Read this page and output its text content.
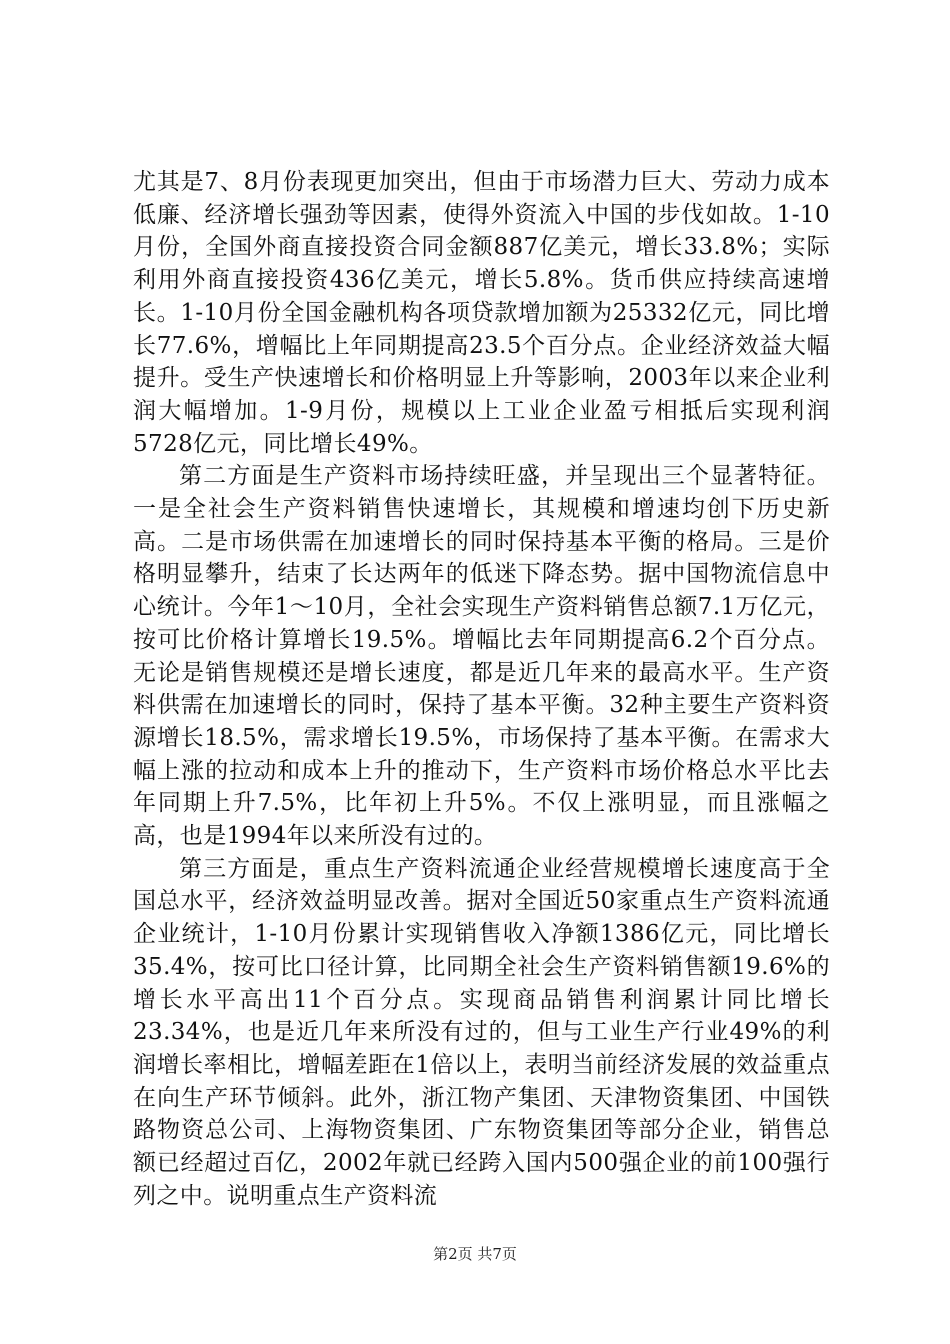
尤其是7、8月份表现更加突出，但由于市场潜力巨大、劳动力成本低廉、经济增长强劲等因素，使得外资流入中国的步伐如故。1-10月份，全国外商直接投资合同金额887亿美元，增长33.8%；实际利用外商直接投资436亿美元，增长5.8%。货币供应持续高速增长。1-10月份全国金融机构各项贷款增加额为25332亿元，同比增长77.6%，增幅比上年同期提高23.5个百分点。企业经济效益大幅提升。受生产快速增长和价格明显上升等影响，2003年以来企业利润大幅增加。1-9月份，规模以上工业企业盈亏相抵后实现利润5728亿元，同比增长49%。

第二方面是生产资料市场持续旺盛，并呈现出三个显著特征。一是全社会生产资料销售快速增长，其规模和增速均创下历史新高。二是市场供需在加速增长的同时保持基本平衡的格局。三是价格明显攀升，结束了长达两年的低迷下降态势。据中国物流信息中心统计。今年1～10月，全社会实现生产资料销售总额7.1万亿元，按可比价格计算增长19.5%。增幅比去年同期提高6.2个百分点。无论是销售规模还是增长速度，都是近几年来的最高水平。生产资料供需在加速增长的同时，保持了基本平衡。32种主要生产资料资源增长18.5%，需求增长19.5%，市场保持了基本平衡。在需求大幅上涨的拉动和成本上升的推动下，生产资料市场价格总水平比去年同期上升7.5%，比年初上升5%。不仅上涨明显，而且涨幅之高，也是1994年以来所没有过的。

第三方面是，重点生产资料流通企业经营规模增长速度高于全国总水平，经济效益明显改善。据对全国近50家重点生产资料流通企业统计，1-10月份累计实现销售收入净额1386亿元，同比增长35.4%，按可比口径计算，比同期全社会生产资料销售额19.6%的增长水平高出11个百分点。实现商品销售利润累计同比增长23.34%，也是近几年来所没有过的，但与工业生产行业49%的利润增长率相比，增幅差距在1倍以上，表明当前经济发展的效益重点在向生产环节倾斜。此外，浙江物产集团、天津物资集团、中国铁路物资总公司、上海物资集团、广东物资集团等部分企业，销售总额已经超过百亿，2002年就已经跨入国内500强企业的前100强行列之中。说明重点生产资料流

第2页 共7页
